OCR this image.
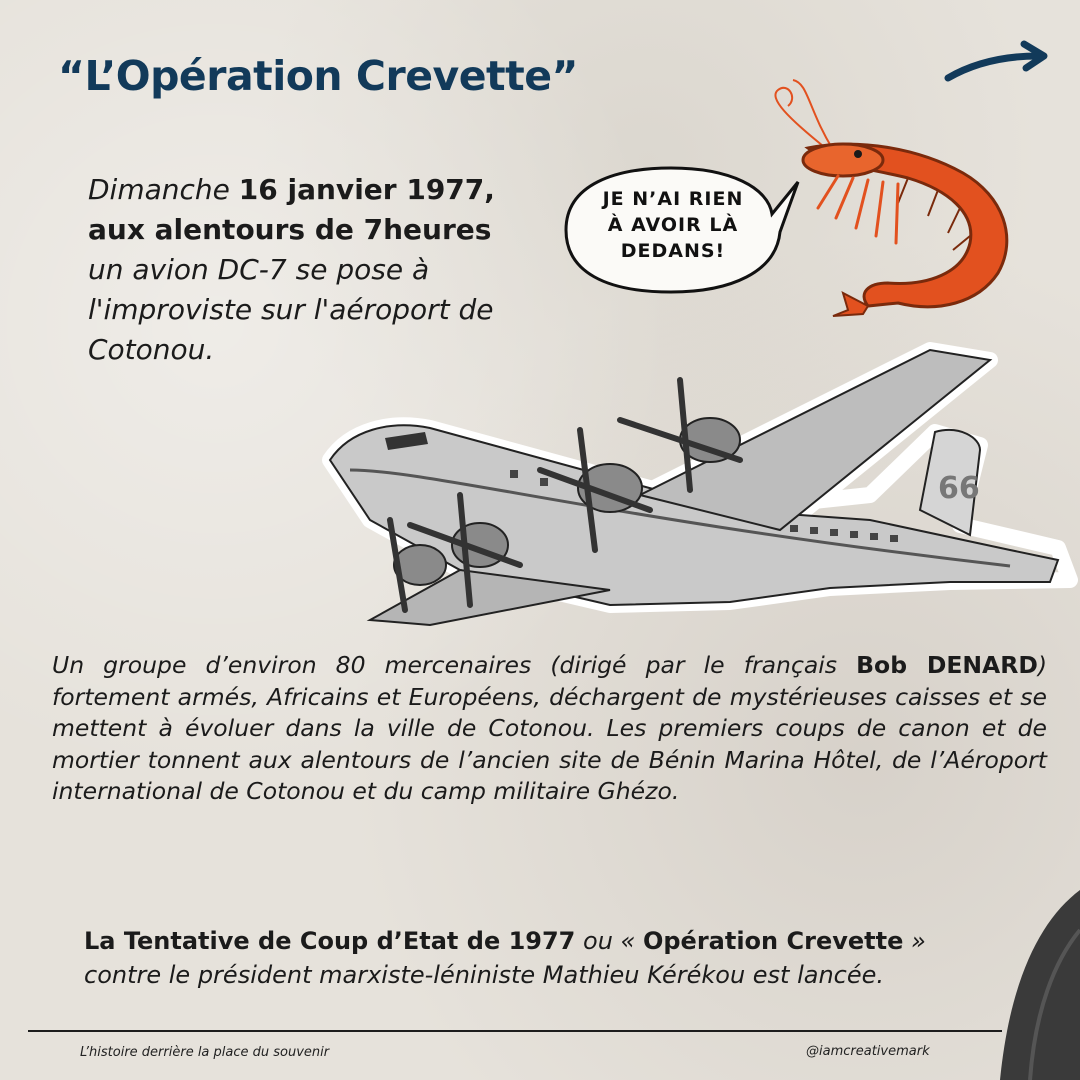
“L’Opération Crevette”

Dimanche 16 janvier 1977,
aux alentours de 7heures
un avion DC-7 se pose à l'improviste sur l'aéroport de Cotonou.

JE N’AI RIEN
À AVOIR LÀ
DEDANS!
66

Un groupe d’environ 80 mercenaires (dirigé par le français Bob DENARD) fortement armés, Africains et Européens, déchargent de mystérieuses caisses et se mettent à évoluer dans la ville de Cotonou. Les premiers coups de canon et de mortier tonnent aux alentours de l’ancien site de Bénin Marina Hôtel, de l’Aéroport international de Cotonou et du camp militaire Ghézo.

La Tentative de Coup d’Etat de 1977 ou « Opération Crevette »
contre le président marxiste-léniniste Mathieu Kérékou est lancée.

L’histoire derrière la place du souvenir	@iamcreativemark
